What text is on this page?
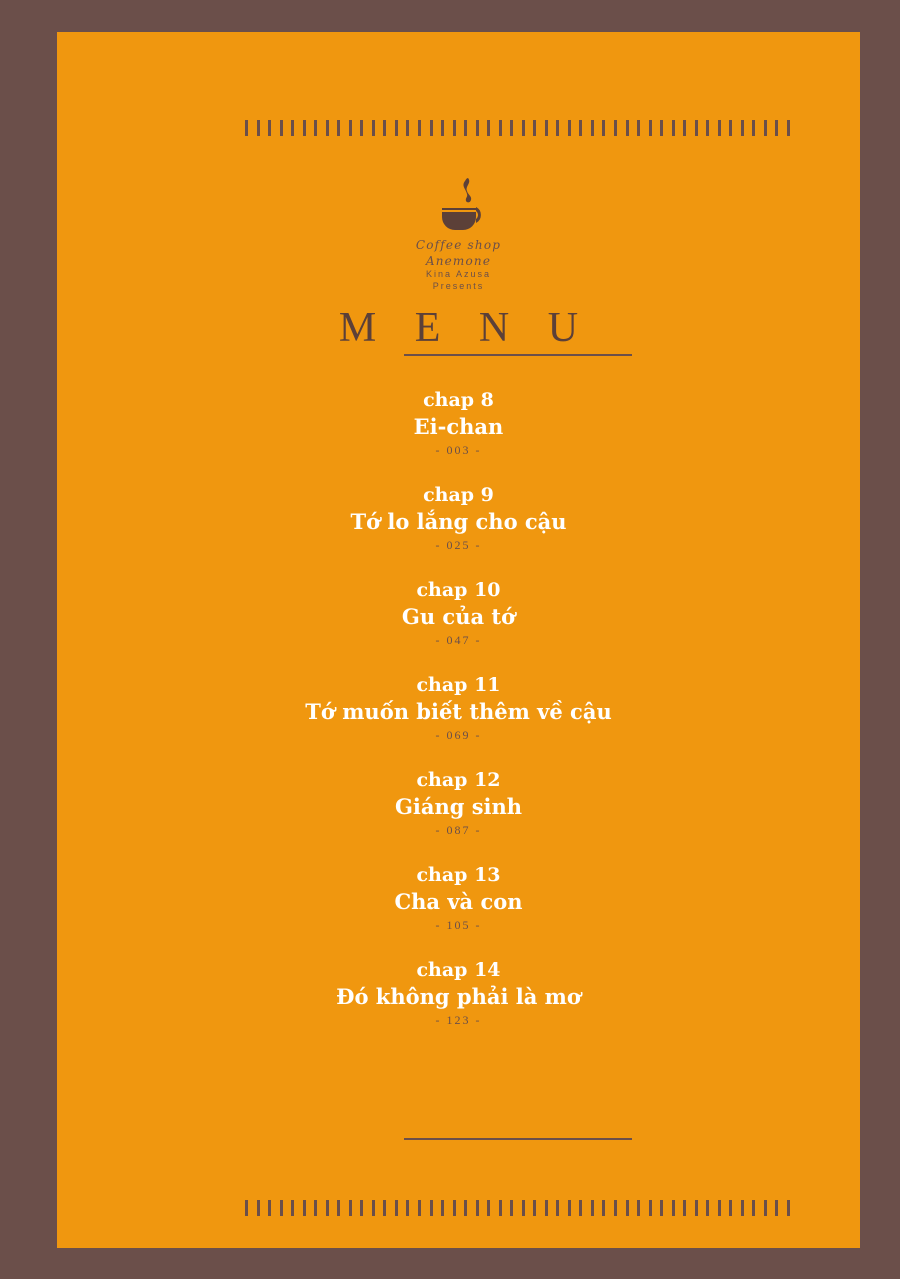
Coffee shop
Anemone
Kina Azusa
Presents
M E N U
chap 8
Ei-chan
- 003 -
chap 9
Tớ lo lắng cho cậu
- 025 -
chap 10
Gu của tớ
- 047 -
chap 11
Tớ muốn biết thêm về cậu
- 069 -
chap 12
Giáng sinh
- 087 -
chap 13
Cha và con
- 105 -
chap 14
Đó không phải là mơ
- 123 -
